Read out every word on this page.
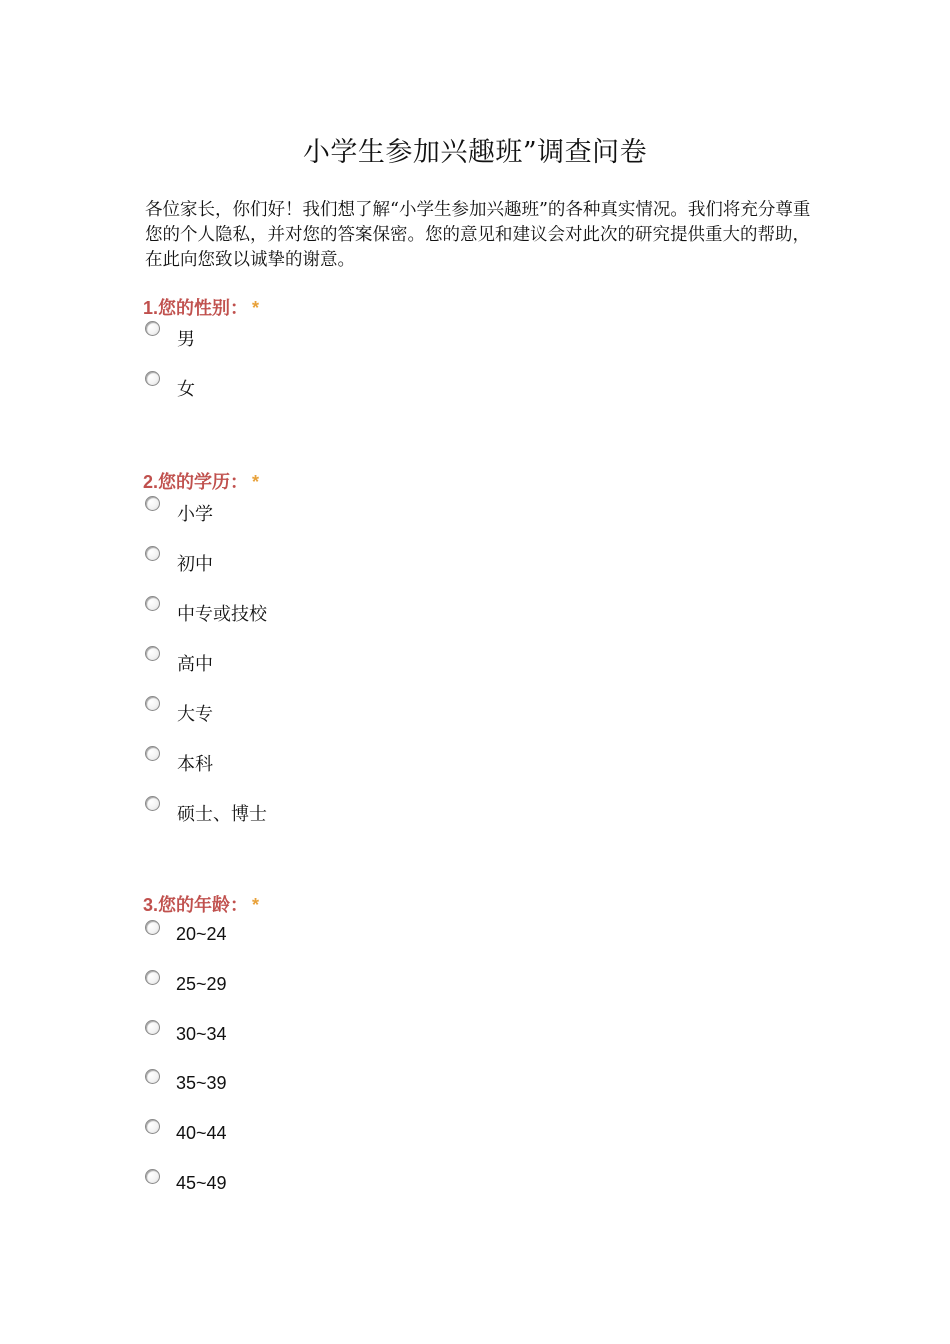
小学生参加兴趣班”调查问卷
各位家长，你们好！我们想了解“小学生参加兴趣班”的各种真实情况。我们将充分尊重您的个人隐私，并对您的答案保密。您的意见和建议会对此次的研究提供重大的帮助，在此向您致以诚挚的谢意。
1.您的性别： *
男
女
2.您的学历： *
小学
初中
中专或技校
高中
大专
本科
硕士、博士
3.您的年龄： *
20~24
25~29
30~34
35~39
40~44
45~49
